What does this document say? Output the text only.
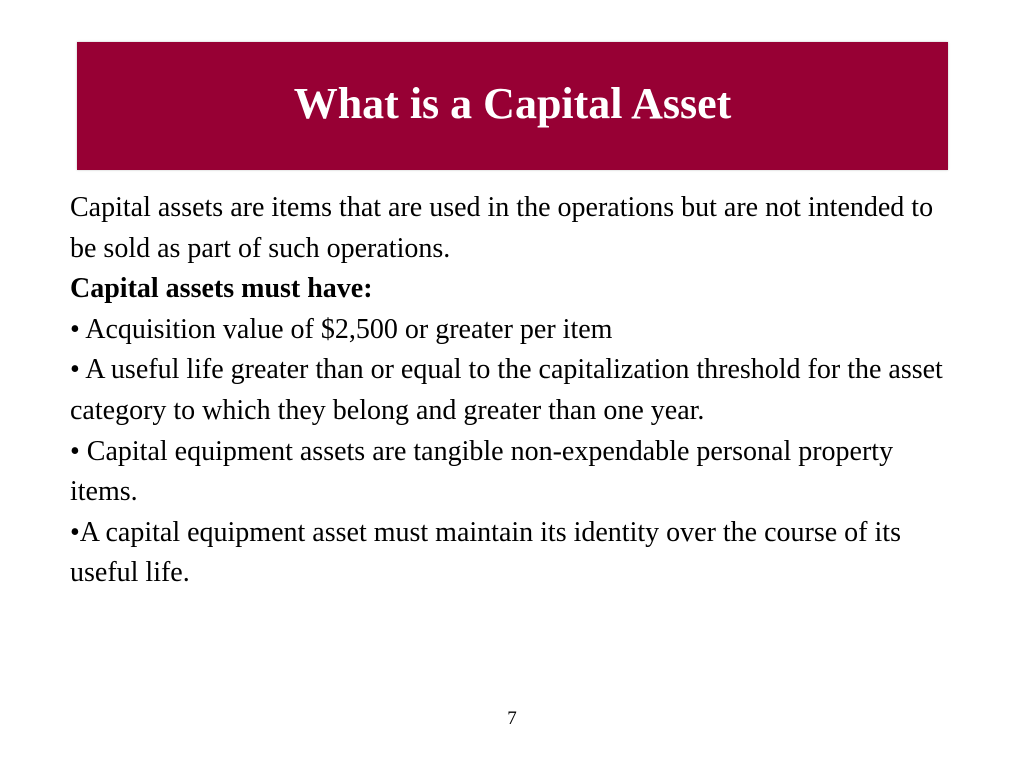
What is a Capital Asset

Capital assets are items that are used in the operations but are not intended to be sold as part of such operations.

Capital assets must have:

• Acquisition value of $2,500 or greater per item

• A useful life greater than or equal to the capitalization threshold for the asset category to which they belong and greater than one year.

• Capital equipment assets are tangible non-expendable personal property items.

•A capital equipment asset must maintain its identity over the course of its useful life.

7
